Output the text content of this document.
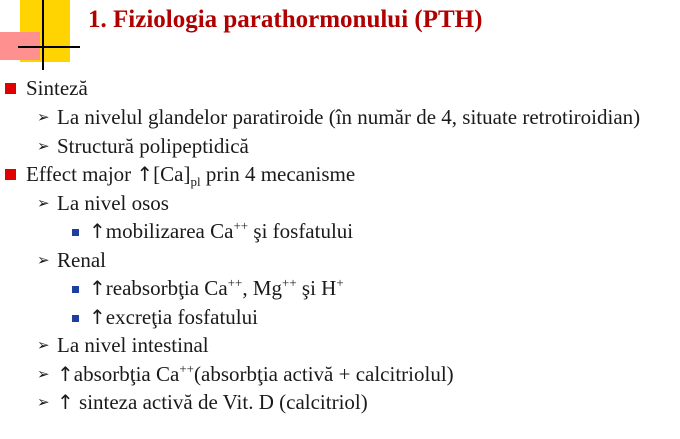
1. Fiziologia parathormonului (PTH)
Sinteză
➢ La nivelul glandelor paratiroide (în număr de 4, situate retrotiroidian)
➢ Structură polipeptidică
Effect major $↑[Ca]_{pl}$ prin 4 mecanisme
➢ La nivel osos
↑mobilizarea Ca++ şi fosfatului
➢ Renal
↑reabsorbţia Ca++, Mg++ şi H+
↑excreţia fosfatului
➢ La nivel intestinal
➢ ↑absorbţia Ca++(absorbţia activă + calcitriolul)
➢ ↑ sinteza activă de Vit. D (calcitriol)
